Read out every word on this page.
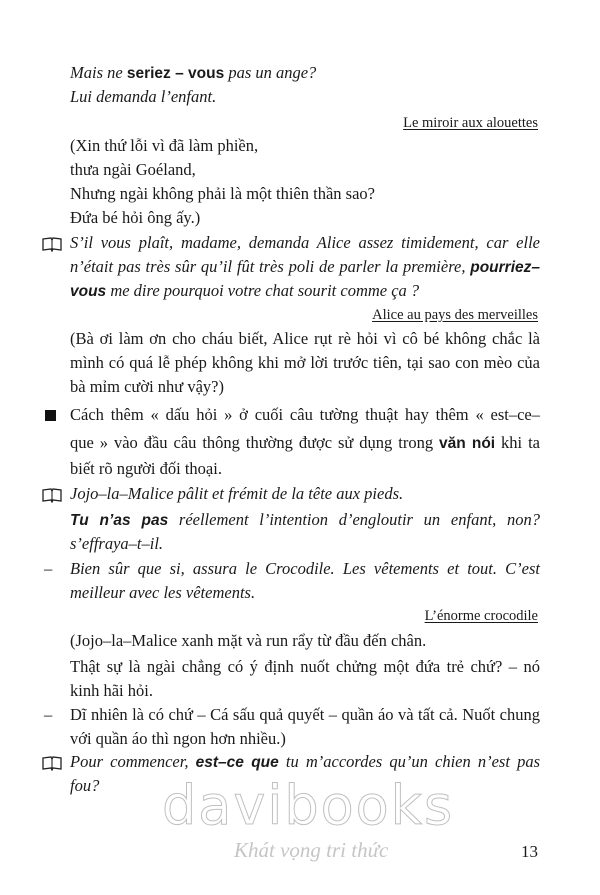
Mais ne seriez – vous pas un ange?
Lui demanda l’enfant.
Le miroir aux alouettes
(Xin thứ lỗi vì đã làm phiền,
thưa ngài Goéland,
Nhưng ngài không phải là một thiên thần sao?
Đứa bé hỏi ông ấy.)
S’il vous plaît, madame, demanda Alice assez timidement, car elle
n’était pas très sûr qu’il fût très poli de parler la première, pourriez–
vous me dire pourquoi votre chat sourit comme ça ?
Alice au pays des merveilles
(Bà ơi làm ơn cho cháu biết, Alice rụt rè hỏi vì cô bé không chắc là
mình có quá lễ phép không khi mở lời trước tiên, tại sao con mèo của
bà mỉm cười như vậy?)
Cách thêm « dấu hỏi » ở cuối câu tường thuật hay thêm « est–ce–
que » vào đầu câu thông thường được sử dụng trong văn nói khi ta
biết rõ người đối thoại.
Jojo–la–Malice pâlit et frémit de la tête aux pieds.
Tu n’as pas réellement l’intention d’engloutir un enfant, non?
s’effraya–t–il.
– Bien sûr que si, assura le Crocodile. Les vêtements et tout. C’est
meilleur avec les vêtements.
L’énorme crocodile
(Jojo–la–Malice xanh mặt và run rẩy từ đầu đến chân.
Thật sự là ngài chẳng có ý định nuốt chửng một đứa trẻ chứ? – nó
kinh hãi hỏi.
– Dĩ nhiên là có chứ – Cá sấu quả quyết – quần áo và tất cả. Nuốt chung
với quần áo thì ngon hơn nhiều.)
Pour commencer, est–ce que tu m’accordes qu’un chien n’est pas
fou?	davibooks
Khát vọng tri thức	13
